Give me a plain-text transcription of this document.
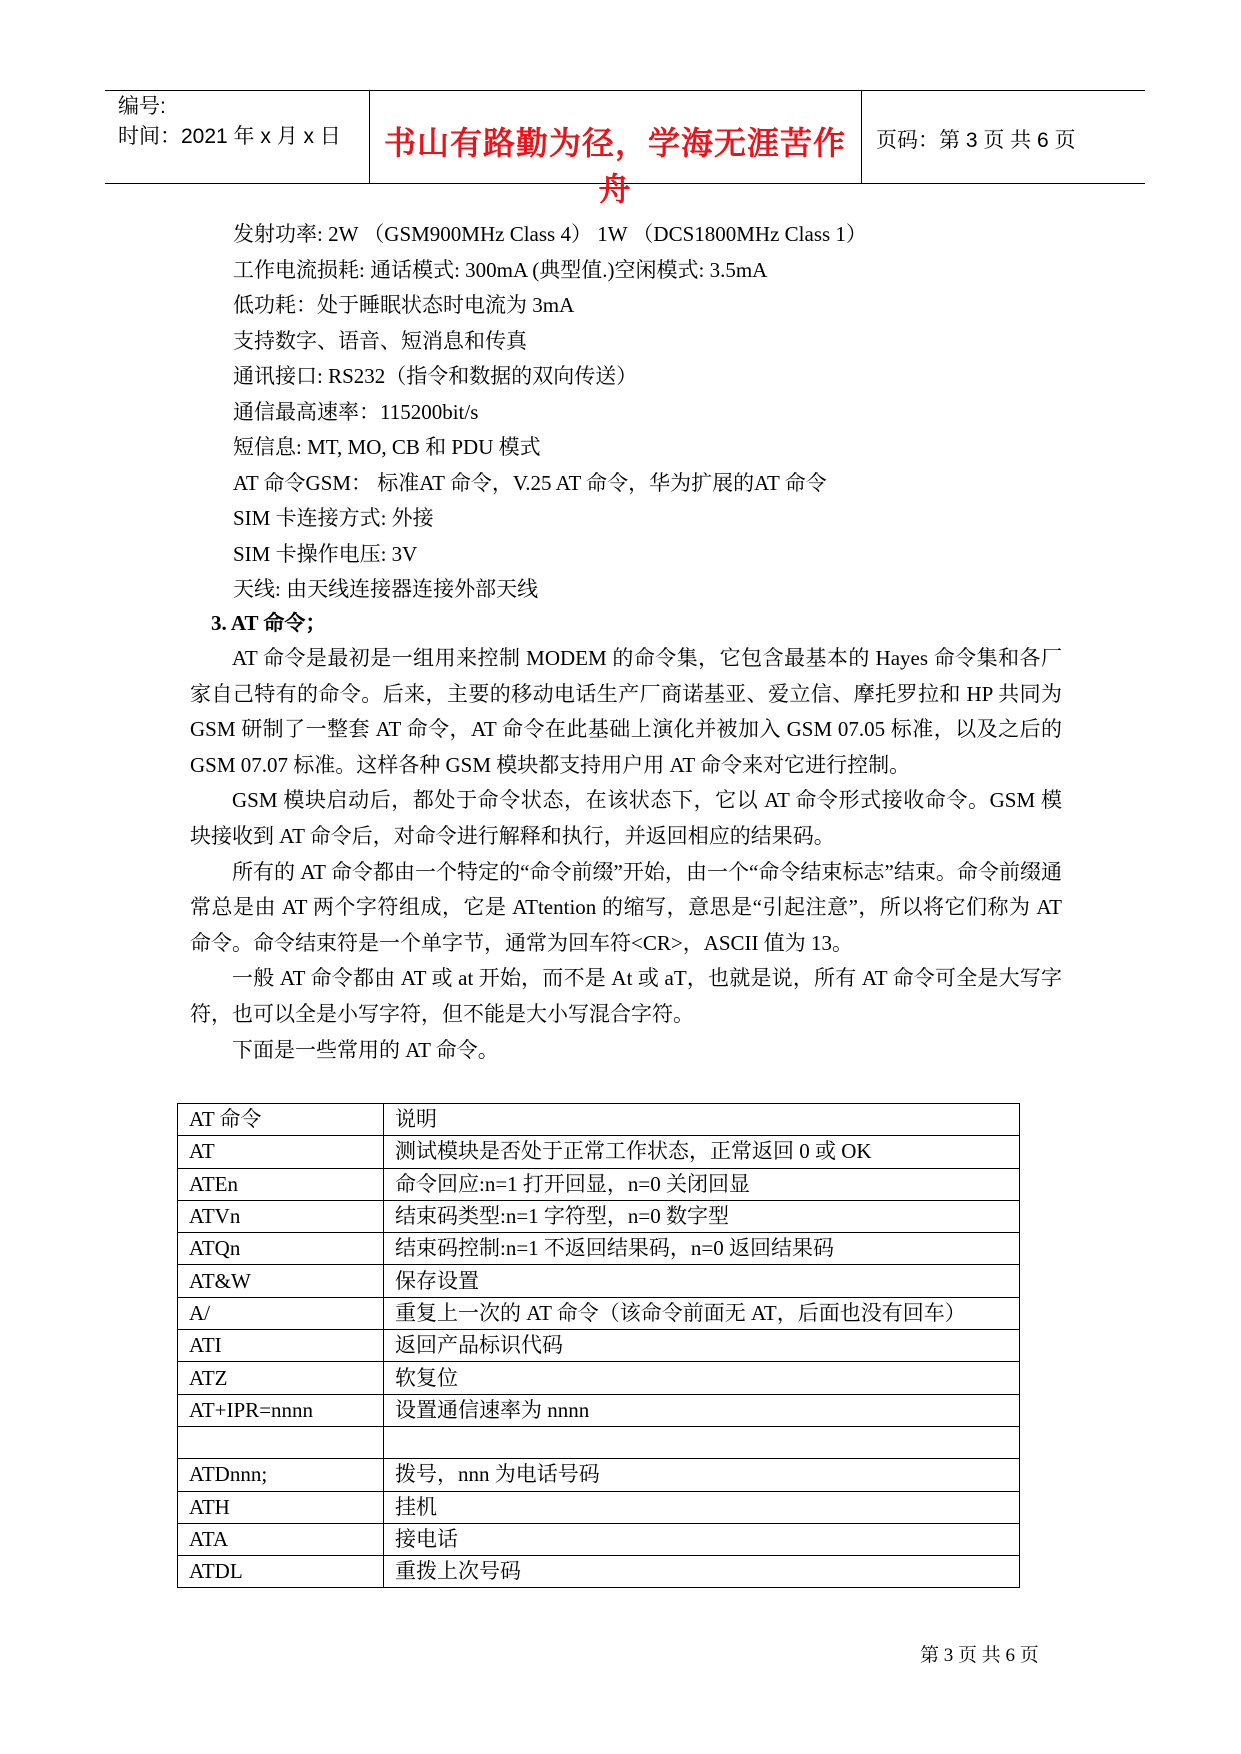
编号:
时间：2021 年 x 月 x 日	书山有路勤为径，学海无涯苦作舟
页码：第 3 页 共 6 页
发射功率: 2W （GSM900MHz Class 4） 1W （DCS1800MHz Class 1）
工作电流损耗: 通话模式: 300mA (典型值.)空闲模式: 3.5mA
低功耗：处于睡眠状态时电流为 3mA
支持数字、语音、短消息和传真
通讯接口: RS232（指令和数据的双向传送）
通信最高速率：115200bit/s
短信息: MT, MO, CB 和 PDU 模式
AT 命令GSM： 标准AT 命令，V.25 AT 命令，华为扩展的AT 命令
SIM 卡连接方式: 外接
SIM 卡操作电压: 3V
天线: 由天线连接器连接外部天线
3. AT 命令；

AT 命令是最初是一组用来控制 MODEM 的命令集，它包含最基本的 Hayes 命令集和各厂家自己特有的命令。后来，主要的移动电话生产厂商诺基亚、爱立信、摩托罗拉和 HP 共同为 GSM 研制了一整套 AT 命令，AT 命令在此基础上演化并被加入 GSM 07.05 标准，以及之后的 GSM 07.07 标准。这样各种 GSM 模块都支持用户用 AT 命令来对它进行控制。

GSM 模块启动后，都处于命令状态，在该状态下，它以 AT 命令形式接收命令。GSM 模块接收到 AT 命令后，对命令进行解释和执行，并返回相应的结果码。

所有的 AT 命令都由一个特定的“命令前缀”开始，由一个“命令结束标志”结束。命令前缀通常总是由 AT 两个字符组成，它是 ATtention 的缩写，意思是“引起注意”，所以将它们称为 AT 命令。命令结束符是一个单字节，通常为回车符<CR>，ASCII 值为 13。

一般 AT 命令都由 AT 或 at 开始，而不是 At 或 aT，也就是说，所有 AT 命令可全是大写字符，也可以全是小写字符，但不能是大小写混合字符。

下面是一些常用的 AT 命令。

AT 命令	说明
AT	测试模块是否处于正常工作状态，正常返回 0 或 OK
ATEn	命令回应:n=1 打开回显，n=0 关闭回显
ATVn	结束码类型:n=1 字符型，n=0 数字型
ATQn	结束码控制:n=1 不返回结果码，n=0 返回结果码
AT&W	保存设置
A/	重复上一次的 AT 命令（该命令前面无 AT，后面也没有回车）
ATI	返回产品标识代码
ATZ	软复位
AT+IPR=nnnn	设置通信速率为 nnnn

ATDnnn;	拨号，nnn 为电话号码
ATH	挂机
ATA	接电话
ATDL	重拨上次号码
第 3 页 共 6 页
